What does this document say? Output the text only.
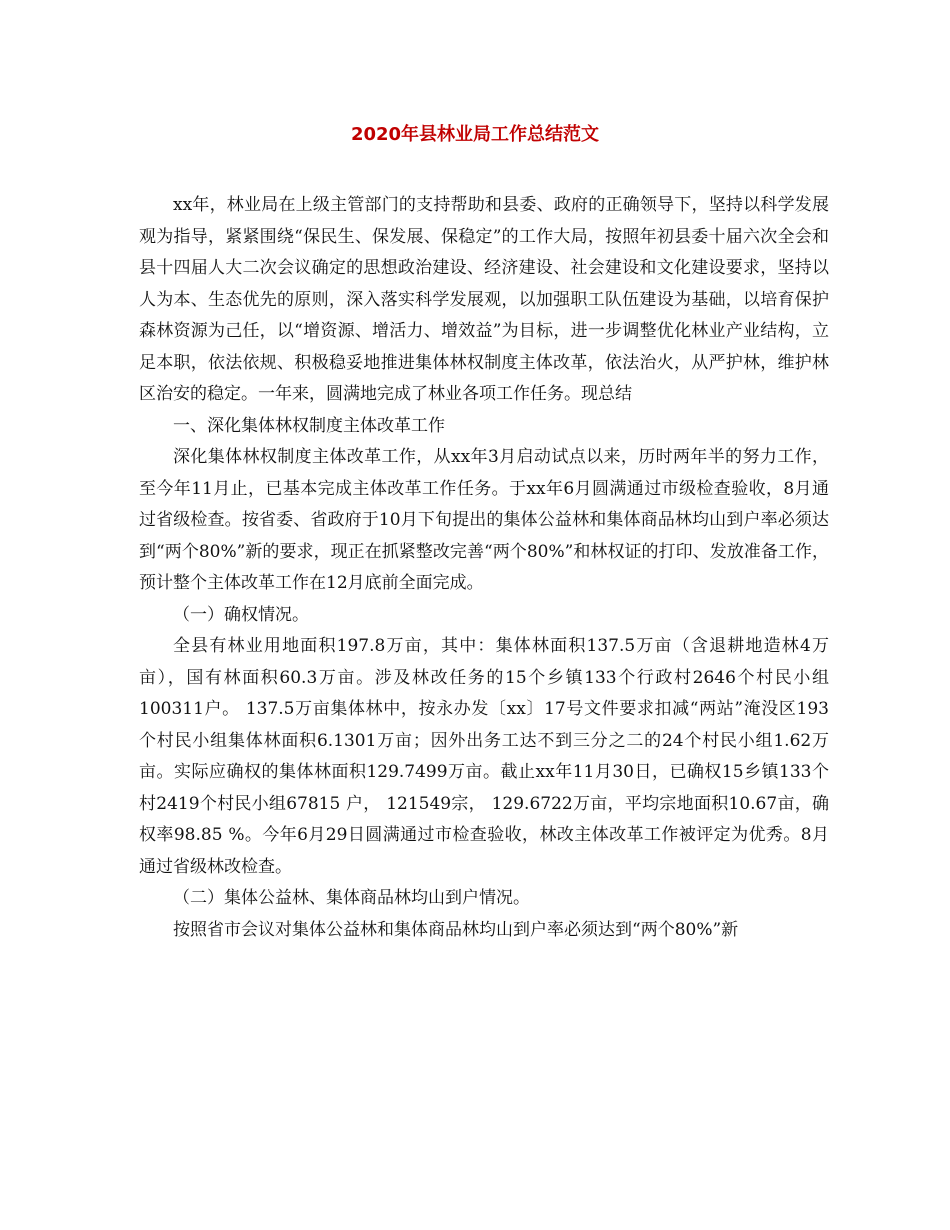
2020年县林业局工作总结范文

xx年，林业局在上级主管部门的支持帮助和县委、政府的正确领导下，坚持以科学发展观为指导，紧紧围绕“保民生、保发展、保稳定”的工作大局，按照年初县委十届六次全会和县十四届人大二次会议确定的思想政治建设、经济建设、社会建设和文化建设要求，坚持以人为本、生态优先的原则，深入落实科学发展观，以加强职工队伍建设为基础，以培育保护森林资源为己任，以“增资源、增活力、增效益”为目标，进一步调整优化林业产业结构，立足本职，依法依规、积极稳妥地推进集体林权制度主体改革，依法治火，从严护林，维护林区治安的稳定。一年来，圆满地完成了林业各项工作任务。现总结

一、深化集体林权制度主体改革工作

深化集体林权制度主体改革工作，从xx年3月启动试点以来，历时两年半的努力工作，至今年11月止，已基本完成主体改革工作任务。于xx年6月圆满通过市级检查验收，8月通过省级检查。按省委、省政府于10月下旬提出的集体公益林和集体商品林均山到户率必须达到“两个80%”新的要求，现正在抓紧整改完善“两个80%”和林权证的打印、发放准备工作，预计整个主体改革工作在12月底前全面完成。

（一）确权情况。

全县有林业用地面积197.8万亩，其中：集体林面积137.5万亩（含退耕地造林4万亩），国有林面积60.3万亩。涉及林改任务的15个乡镇133个行政村2646个村民小组100311户。 137.5万亩集体林中，按永办发〔xx〕17号文件要求扣减“两站”淹没区193 个村民小组集体林面积6.1301万亩；因外出务工达不到三分之二的24个村民小组1.62万亩。实际应确权的集体林面积129.7499万亩。截止xx年11月30日，已确权15乡镇133个村2419个村民小组67815 户， 121549宗， 129.6722万亩，平均宗地面积10.67亩，确权率98.85 %。今年6月29日圆满通过市检查验收，林改主体改革工作被评定为优秀。8月通过省级林改检查。

（二）集体公益林、集体商品林均山到户情况。

按照省市会议对集体公益林和集体商品林均山到户率必须达到“两个80%”新
